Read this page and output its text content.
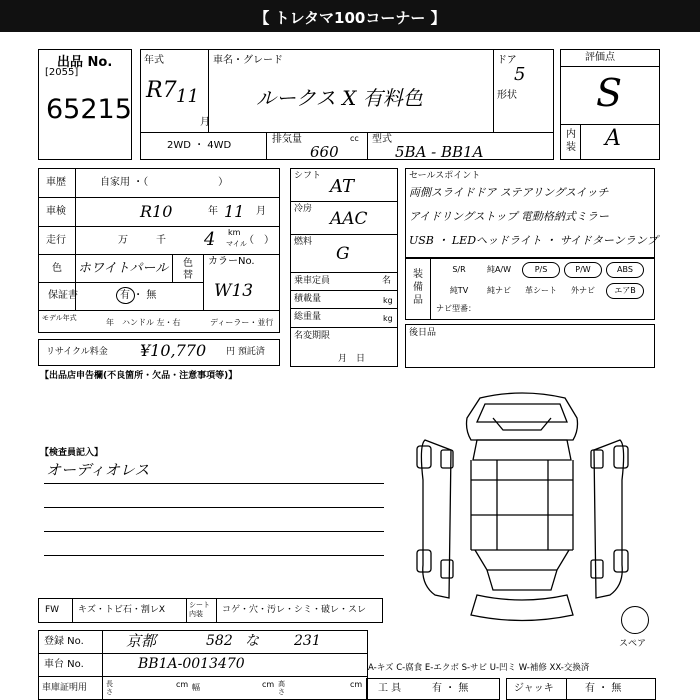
【 トレタマ100コーナー 】
出品 No.
[2055]
65215
年式
R7 11
月
車名・グレード
ルークス X 有料色
ドア
5
形状
2WD ・ 4WD
排気量	cc
660
型式
5BA - BB1A
評価点
S
内装 A
車歴	自家用 ・（　　　　　　　）
車検	R10	年 11 月
走行	万	千 4 km
マイル
（　）
色 ホワイトパール 色替
カラーNo.
W13
保証書	有 ・ 無
モデル年式	年 ハンドル 左・右	ディーラー・並行
リサイクル料金 ¥10,770 円 預託済
シフト AT
冷房 AAC
燃料
G
乗車定員	名
積載量	kg
総重量	kg
名変期限
月　日
セールスポイント
両側スライドドア ステアリングスイッチ
アイドリングストップ 電動格納式ミラー
USB ・ LEDヘッドライト ・ サイドターンランプ
装備品
S/R	純A/W	P/S	P/W	ABS
純TV	純ナビ	革シート	外ナビ	エアB
ナビ型番：
後日品
【出品店申告欄(不良箇所・欠品・注意事項等)】
【検査員記入】
オーディオレス
スペア
FW キズ・トビ石・割レX	シート内装	コゲ・穴・汚レ・シミ・破レ・スレ
登録 No.	京都	582 な	231
車台 No.	BB1A-0013470
車庫証明用	長さ
cm 幅	cm 高さ
cm
A-キズ C-腐食 E-エクボ S-サビ U-凹ミ W-補修 XX-交換済
工 具	有 ・ 無	ジャッキ	有 ・ 無
